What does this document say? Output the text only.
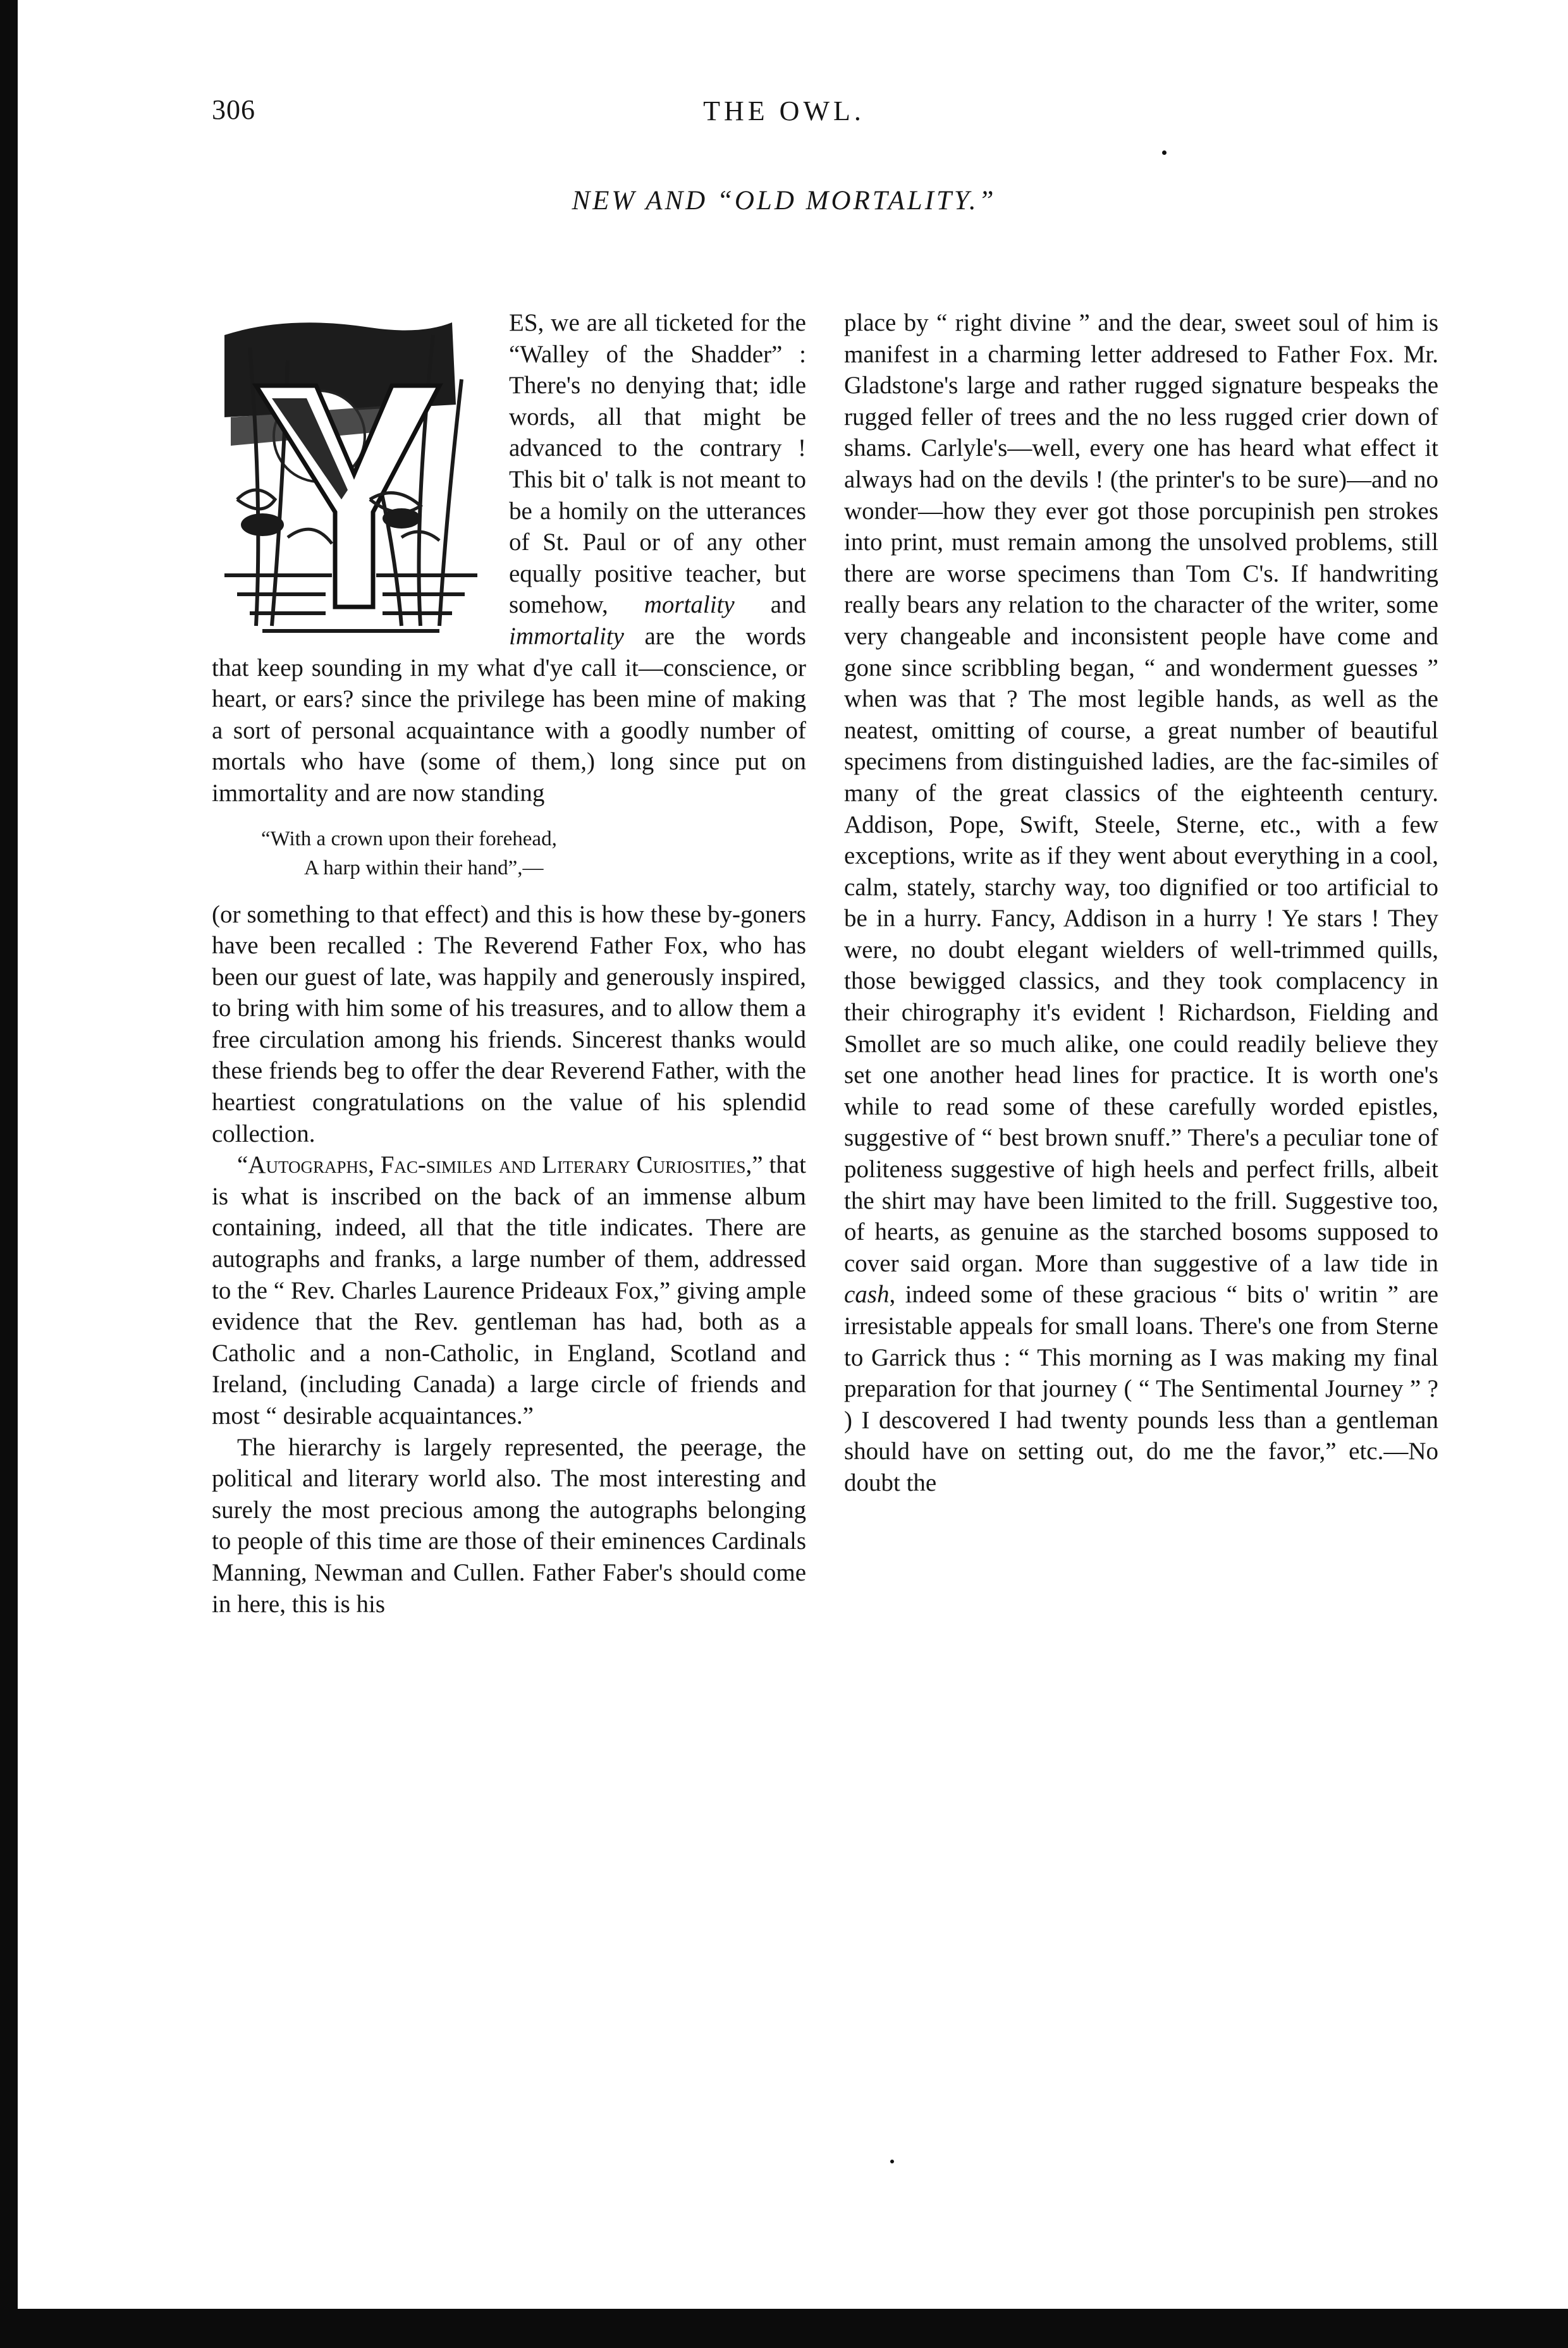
306	THE OWL.
NEW AND “OLD MORTALITY.”

ES, we are all ticketed for the “Walley of the Shadder” : There's no denying that; idle words, all that might be advanced to the contrary ! This bit o' talk is not meant to be a homily on the utterances of St. Paul or of any other equally positive teacher, but somehow, mortality and immortality are the words that keep sounding in my what d'ye call it—conscience, or heart, or ears? since the privilege has been mine of making a sort of personal acquaintance with a goodly number of mortals who have (some of them,) long since put on immortality and are now standing

“With a crown upon their forehead,
A harp within their hand”,—

(or something to that effect) and this is how these by-goners have been recalled : The Reverend Father Fox, who has been our guest of late, was happily and generously inspired, to bring with him some of his treasures, and to allow them a free circulation among his friends. Sincerest thanks would these friends beg to offer the dear Reverend Father, with the heartiest congratulations on the value of his splendid collection.

“Autographs, Fac-similes and Literary Curiosities,” that is what is inscribed on the back of an immense album containing, indeed, all that the title indicates. There are autographs and franks, a large number of them, addressed to the “ Rev. Charles Laurence Prideaux Fox,” giving ample evidence that the Rev. gentleman has had, both as a Catholic and a non-Catholic, in England, Scotland and Ireland, (including Canada) a large circle of friends and most “ desirable acquaintances.”

The hierarchy is largely represented, the peerage, the political and literary world also. The most interesting and surely the most precious among the autographs belonging to people of this time are those of their eminences Cardinals Manning, Newman and Cullen. Father Faber's should come in here, this is his

place by “ right divine ” and the dear, sweet soul of him is manifest in a charming letter addresed to Father Fox. Mr. Gladstone's large and rather rugged signature bespeaks the rugged feller of trees and the no less rugged crier down of shams. Carlyle's—well, every one has heard what effect it always had on the devils ! (the printer's to be sure)—and no wonder—how they ever got those porcupinish pen strokes into print, must remain among the unsolved problems, still there are worse specimens than Tom C's. If handwriting really bears any relation to the character of the writer, some very changeable and inconsistent people have come and gone since scribbling began, “ and wonderment guesses ” when was that ? The most legible hands, as well as the neatest, omitting of course, a great number of beautiful specimens from distinguished ladies, are the fac-similes of many of the great classics of the eighteenth century. Addison, Pope, Swift, Steele, Sterne, etc., with a few exceptions, write as if they went about everything in a cool, calm, stately, starchy way, too dignified or too artificial to be in a hurry. Fancy, Addison in a hurry ! Ye stars ! They were, no doubt elegant wielders of well-trimmed quills, those bewigged classics, and they took complacency in their chirography it's evident ! Richardson, Fielding and Smollet are so much alike, one could readily believe they set one another head lines for practice. It is worth one's while to read some of these carefully worded epistles, suggestive of “ best brown snuff.” There's a peculiar tone of politeness suggestive of high heels and perfect frills, albeit the shirt may have been limited to the frill. Suggestive too, of hearts, as genuine as the starched bosoms supposed to cover said organ. More than suggestive of a law tide in cash, indeed some of these gracious “ bits o' writin ” are irresistable appeals for small loans. There's one from Sterne to Garrick thus : “ This morning as I was making my final preparation for that journey ( “ The Sentimental Journey ” ? ) I descovered I had twenty pounds less than a gentleman should have on setting out, do me the favor,” etc.—No doubt the
